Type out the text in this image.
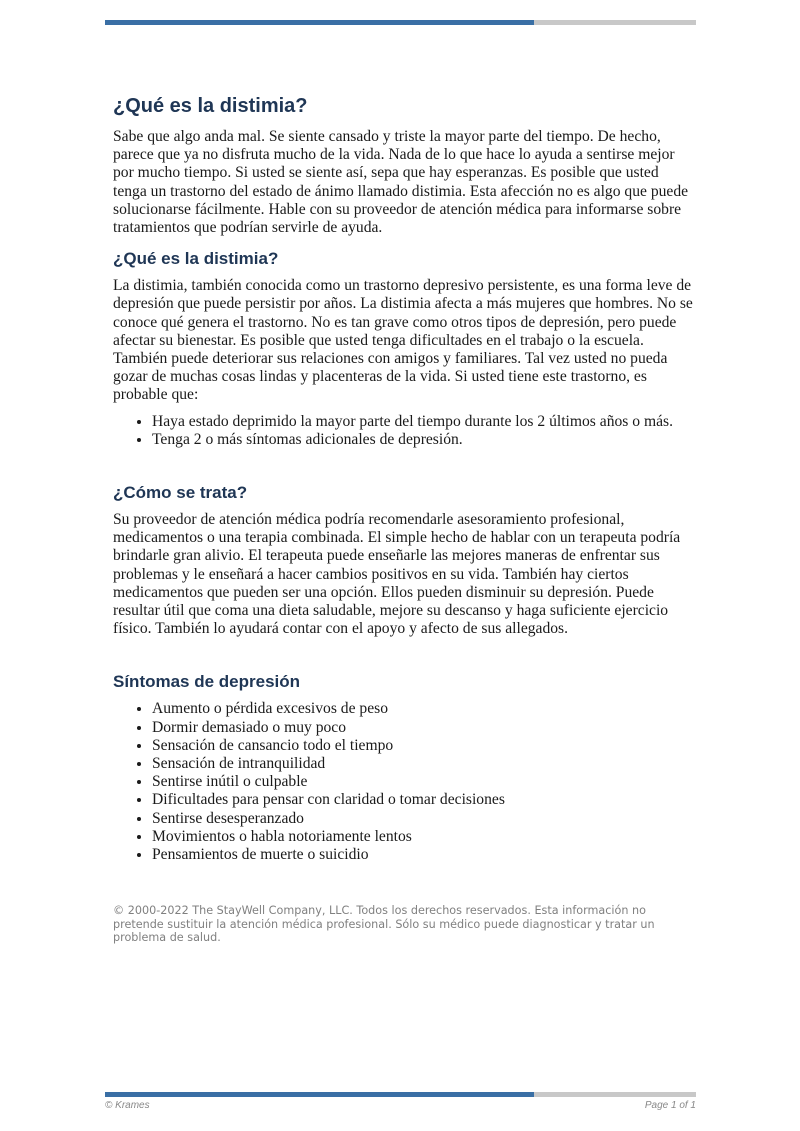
¿Qué es la distimia?

Sabe que algo anda mal. Se siente cansado y triste la mayor parte del tiempo. De hecho, parece que ya no disfruta mucho de la vida. Nada de lo que hace lo ayuda a sentirse mejor por mucho tiempo. Si usted se siente así, sepa que hay esperanzas. Es posible que usted tenga un trastorno del estado de ánimo llamado distimia. Esta afección no es algo que puede solucionarse fácilmente. Hable con su proveedor de atención médica para informarse sobre tratamientos que podrían servirle de ayuda.

¿Qué es la distimia?

La distimia, también conocida como un trastorno depresivo persistente, es una forma leve de depresión que puede persistir por años. La distimia afecta a más mujeres que hombres. No se conoce qué genera el trastorno. No es tan grave como otros tipos de depresión, pero puede afectar su bienestar. Es posible que usted tenga dificultades en el trabajo o la escuela. También puede deteriorar sus relaciones con amigos y familiares. Tal vez usted no pueda gozar de muchas cosas lindas y placenteras de la vida. Si usted tiene este trastorno, es probable que:

• Haya estado deprimido la mayor parte del tiempo durante los 2 últimos años o más.
• Tenga 2 o más síntomas adicionales de depresión.
¿Cómo se trata?

Su proveedor de atención médica podría recomendarle asesoramiento profesional, medicamentos o una terapia combinada. El simple hecho de hablar con un terapeuta podría brindarle gran alivio. El terapeuta puede enseñarle las mejores maneras de enfrentar sus problemas y le enseñará a hacer cambios positivos en su vida. También hay ciertos medicamentos que pueden ser una opción. Ellos pueden disminuir su depresión. Puede resultar útil que coma una dieta saludable, mejore su descanso y haga suficiente ejercicio físico. También lo ayudará contar con el apoyo y afecto de sus allegados.

Síntomas de depresión
• Aumento o pérdida excesivos de peso
• Dormir demasiado o muy poco
• Sensación de cansancio todo el tiempo
• Sensación de intranquilidad
• Sentirse inútil o culpable
• Dificultades para pensar con claridad o tomar decisiones
• Sentirse desesperanzado
• Movimientos o habla notoriamente lentos
• Pensamientos de muerte o suicidio
© 2000-2022 The StayWell Company, LLC. Todos los derechos reservados. Esta información no pretende sustituir la atención médica profesional. Sólo su médico puede diagnosticar y tratar un problema de salud.
© Krames	Page 1 of 1
